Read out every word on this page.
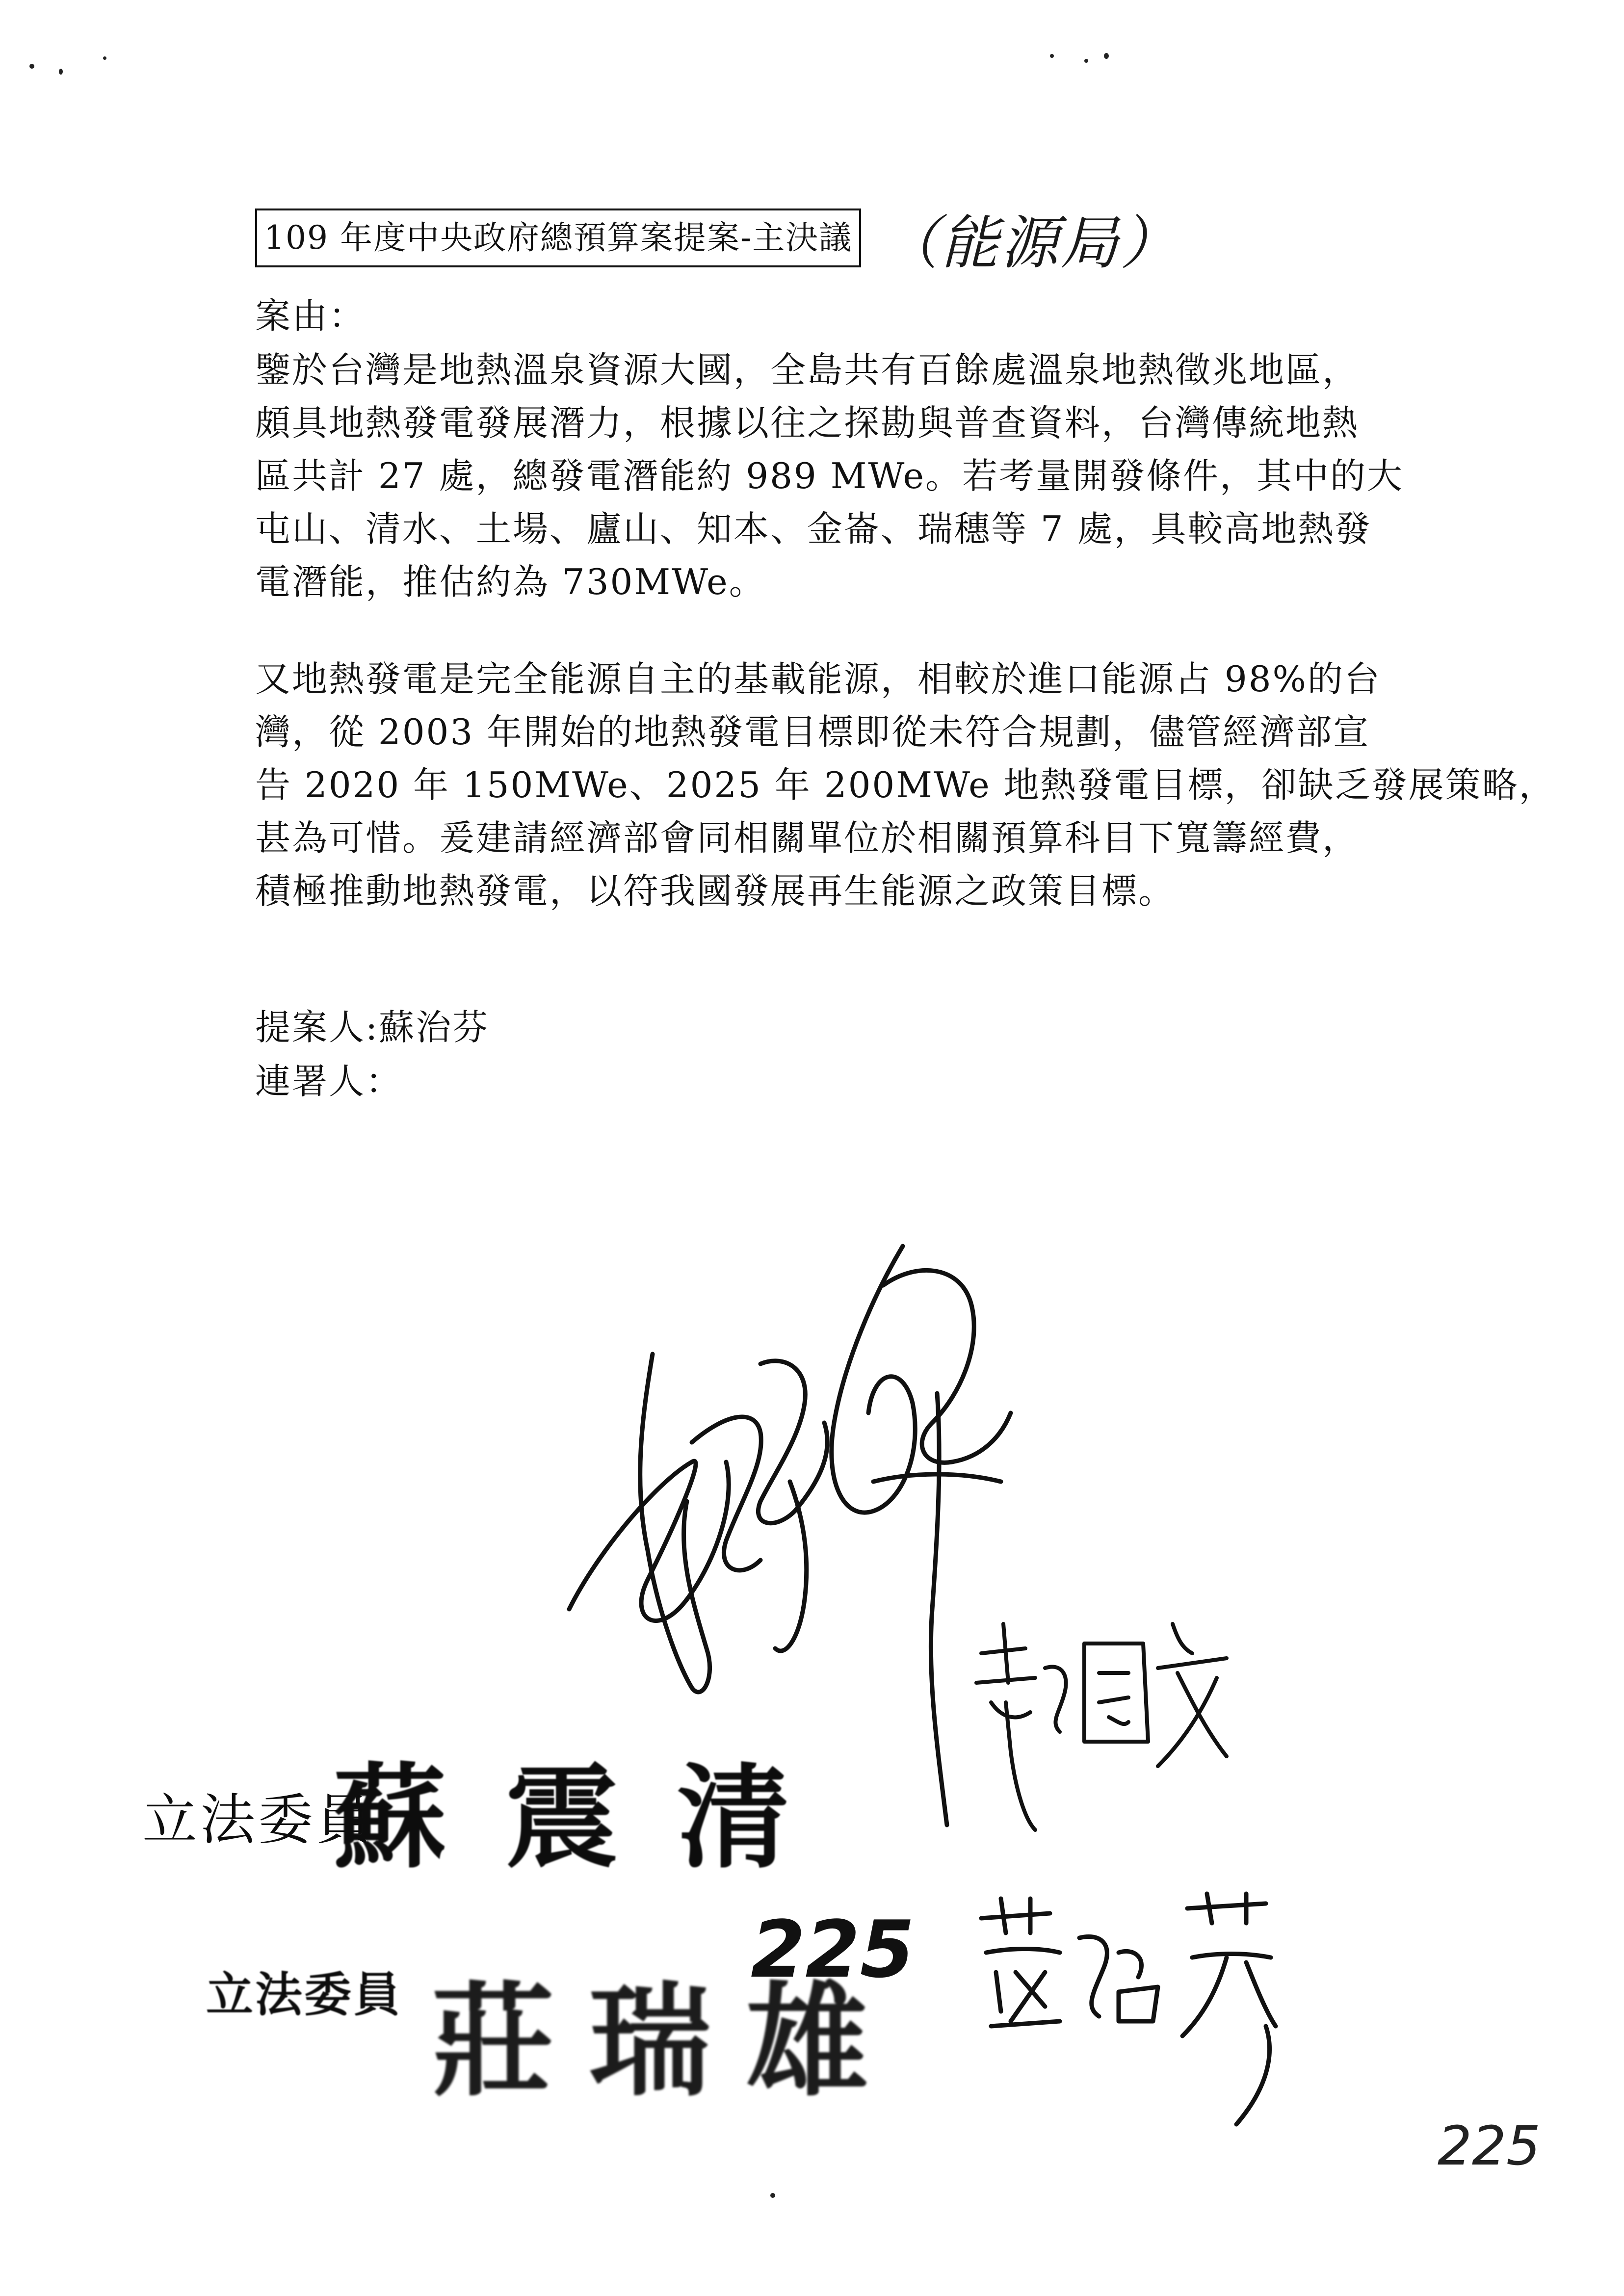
109 年度中央政府總預算案提案-主決議 （能源局）
案由：
鑒於台灣是地熱溫泉資源大國，全島共有百餘處溫泉地熱徵兆地區，
頗具地熱發電發展潛力，根據以往之探勘與普查資料，台灣傳統地熱
區共計 27 處，總發電潛能約 989 MWe。若考量開發條件，其中的大
屯山、清水、土場、廬山、知本、金崙、瑞穗等 7 處，具較高地熱發
電潛能，推估約為 730MWe。
又地熱發電是完全能源自主的基載能源，相較於進口能源占 98%的台
灣，從 2003 年開始的地熱發電目標即從未符合規劃，儘管經濟部宣
告 2020 年 150MWe、2025 年 200MWe 地熱發電目標，卻缺乏發展策略，
甚為可惜。爰建請經濟部會同相關單位於相關預算科目下寬籌經費，
積極推動地熱發電，以符我國發展再生能源之政策目標。
提案人:蘇治芬
連署人：
郭國文
蘇治芬
立法委員
蘇震清
立法委員 莊瑞雄
225
225
